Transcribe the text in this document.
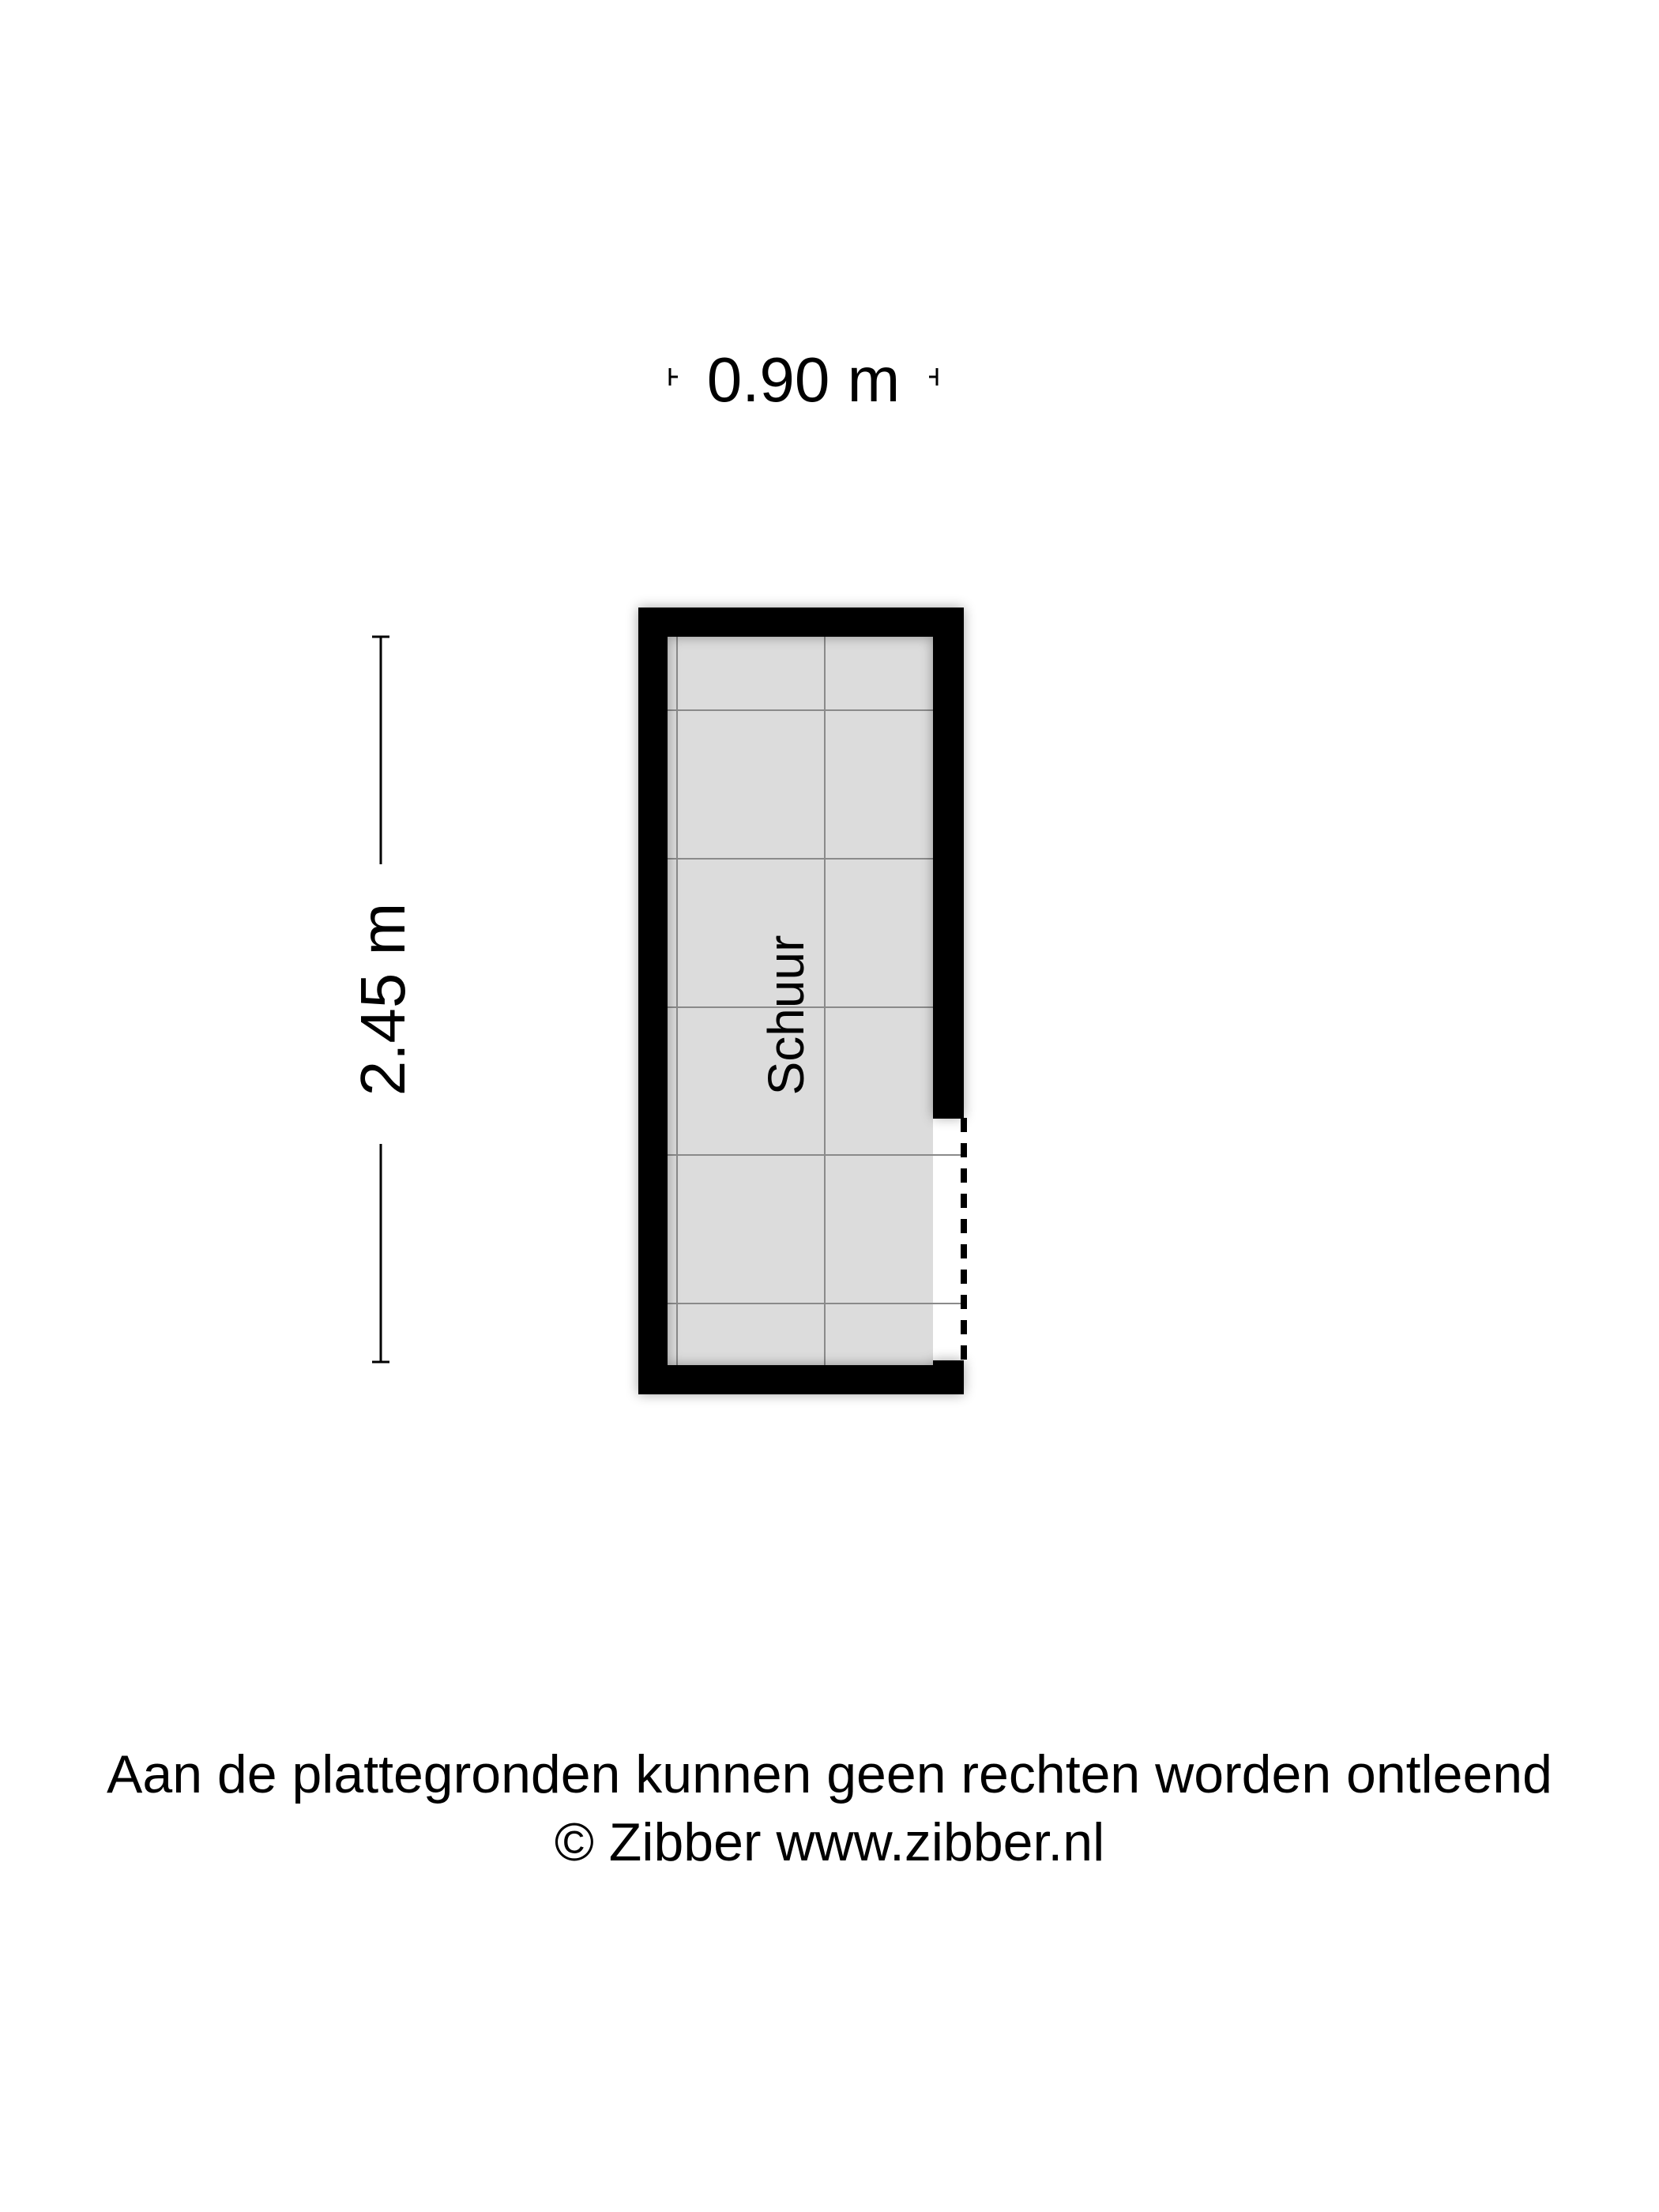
0.90 m
2.45 m	Schuur
Aan de plattegronden kunnen geen rechten worden ontleend
© Zibber www.zibber.nl
